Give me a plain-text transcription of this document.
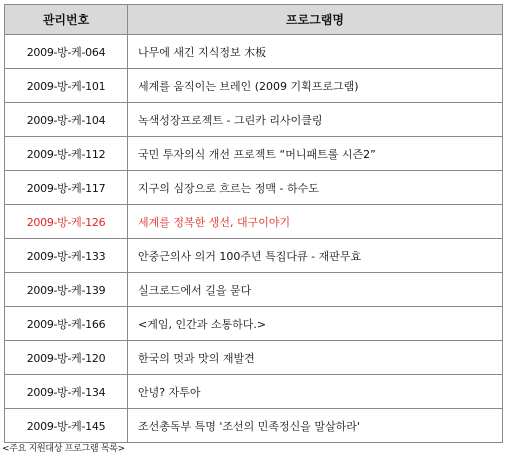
관리번호	프로그램명
2009-방-케-064	나무에 새긴 지식정보 木板
2009-방-케-101	세계를 움직이는 브레인 (2009 기획프로그램)
2009-방-케-104	녹색성장프로젝트 - 그린카 리사이클링
2009-방-케-112	국민 투자의식 개선 프로젝트 “머니패트롤 시즌2”
2009-방-케-117	지구의 심장으로 흐르는 정맥 - 하수도
2009-방-케-126	세계를 정복한 생선, 대구이야기
2009-방-케-133	안중근의사 의거 100주년 특집다큐 - 재판무효
2009-방-케-139	실크로드에서 길을 묻다
2009-방-케-166	<게임, 인간과 소통하다.>
2009-방-케-120	한국의 멋과 맛의 재발견
2009-방-케-134	안녕? 자투아
2009-방-케-145	조선총독부 특명 '조선의 민족정신을 말살하라'
<주요 지원대상 프로그램 목록>
